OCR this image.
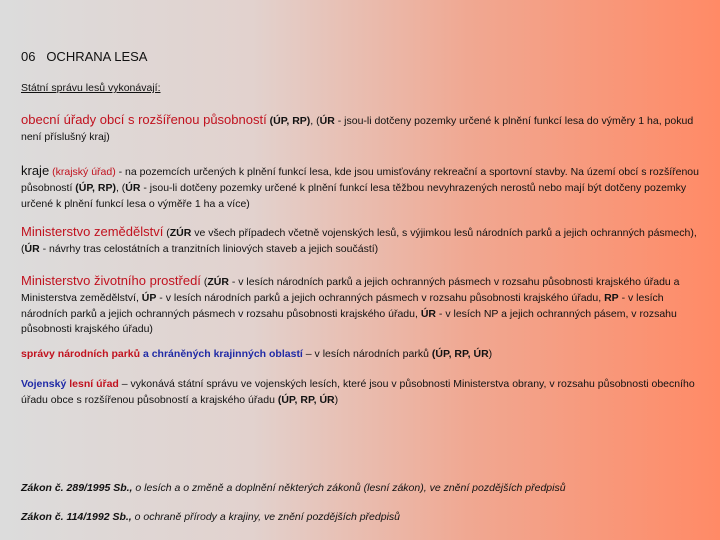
06 OCHRANA LESA
Státní správu lesů vykonávají:
obecní úřady obcí s rozšířenou působností (ÚP, RP), (ÚR - jsou-li dotčeny pozemky určené k plnění funkcí lesa do výměry 1 ha, pokud není příslušný kraj)
kraje (krajský úřad) - na pozemcích určených k plnění funkcí lesa, kde jsou umisťovány rekreační a sportovní stavby. Na území obcí s rozšířenou působností (ÚP, RP), (ÚR - jsou-li dotčeny pozemky určené k plnění funkcí lesa těžbou nevyhrazených nerostů nebo mají být dotčeny pozemky určené k plnění funkcí lesa o výměře 1 ha a více)
Ministerstvo zemědělství (ZÚR ve všech případech včetně vojenských lesů, s výjimkou lesů národních parků a jejich ochranných pásmech), (ÚR - návrhy tras celostátních a tranzitních liniových staveb a jejich součástí)
Ministerstvo životního prostředí (ZÚR - v lesích národních parků a jejich ochranných pásmech v rozsahu působnosti krajského úřadu a Ministerstva zemědělství, ÚP - v lesích národních parků a jejich ochranných pásmech v rozsahu působnosti krajského úřadu, RP - v lesích národních parků a jejich ochranných pásmech v rozsahu působnosti krajského úřadu, ÚR - v lesích NP a jejich ochranných pásem, v rozsahu působnosti krajského úřadu)
správy národních parků a chráněných krajinných oblastí – v lesích národních parků (ÚP, RP, ÚR)
Vojenský lesní úřad – vykonává státní správu ve vojenských lesích, které jsou v působnosti Ministerstva obrany, v rozsahu působnosti obecního úřadu obce s rozšířenou působností a krajského úřadu (ÚP, RP, ÚR)
Zákon č. 289/1995 Sb., o lesích a o změně a doplnění některých zákonů (lesní zákon), ve znění pozdějších předpisů
Zákon č. 114/1992 Sb., o ochraně přírody a krajiny, ve znění pozdějších předpisů
